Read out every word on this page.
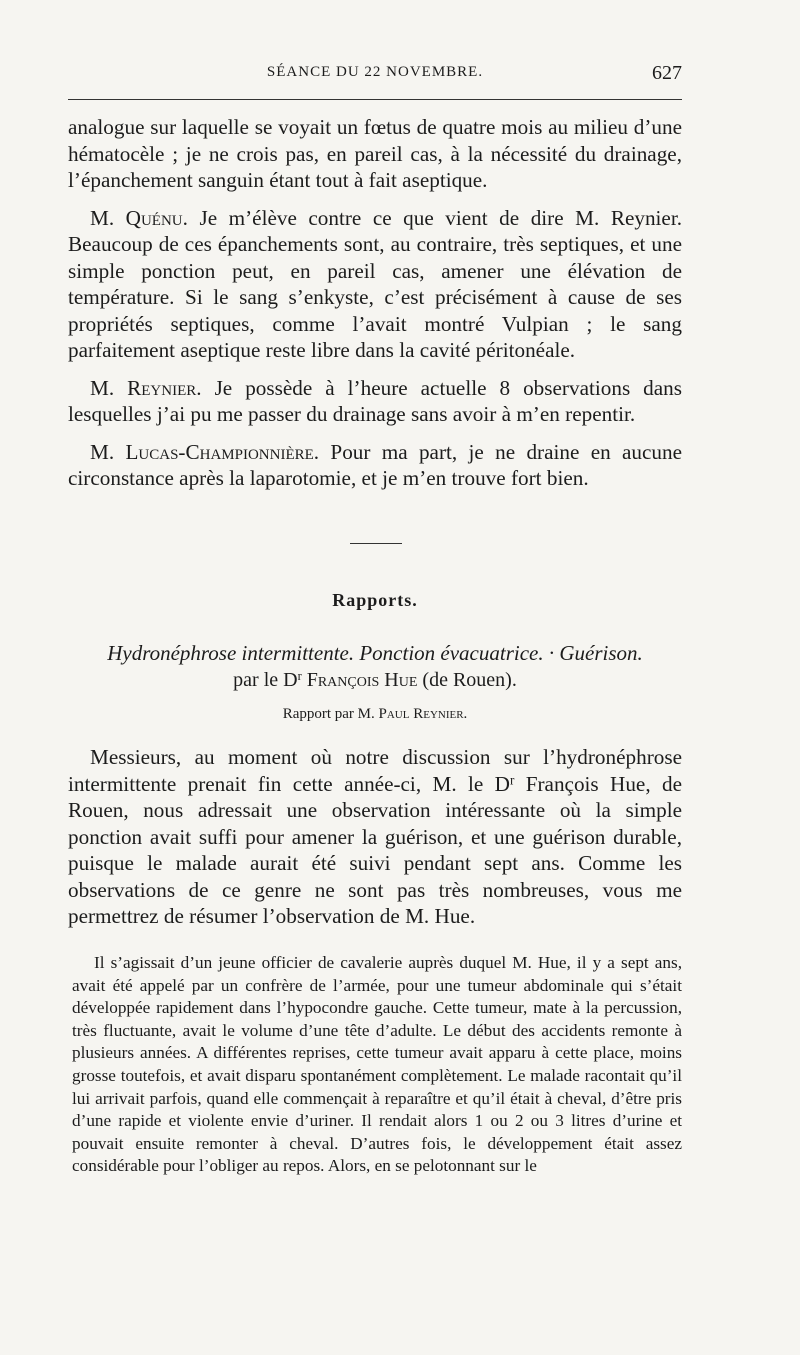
SÉANCE DU 22 NOVEMBRE.	627

analogue sur laquelle se voyait un fœtus de quatre mois au milieu d’une hématocèle ; je ne crois pas, en pareil cas, à la nécessité du drainage, l’épanchement sanguin étant tout à fait aseptique.

M. Quénu. Je m’élève contre ce que vient de dire M. Reynier. Beaucoup de ces épanchements sont, au contraire, très septiques, et une simple ponction peut, en pareil cas, amener une élévation de température. Si le sang s’enkyste, c’est précisément à cause de ses propriétés septiques, comme l’avait montré Vulpian ; le sang parfaitement aseptique reste libre dans la cavité péritonéale.

M. Reynier. Je possède à l’heure actuelle 8 observations dans lesquelles j’ai pu me passer du drainage sans avoir à m’en repentir.

M. Lucas-Championnière. Pour ma part, je ne draine en aucune circonstance après la laparotomie, et je m’en trouve fort bien.

Rapports.
Hydronéphrose intermittente. Ponction évacuatrice. · Guérison.
par le $D^r$ François Hue (de Rouen).
Rapport par M. Paul Reynier.

Messieurs, au moment où notre discussion sur l’hydronéphrose intermittente prenait fin cette année-ci, M. le $D^r$ François Hue, de Rouen, nous adressait une observation intéressante où la simple ponction avait suffi pour amener la guérison, et une guérison durable, puisque le malade aurait été suivi pendant sept ans. Comme les observations de ce genre ne sont pas très nombreuses, vous me permettrez de résumer l’observation de M. Hue.

Il s’agissait d’un jeune officier de cavalerie auprès duquel M. Hue, il y a sept ans, avait été appelé par un confrère de l’armée, pour une tumeur abdominale qui s’était développée rapidement dans l’hypocondre gauche. Cette tumeur, mate à la percussion, très fluctuante, avait le volume d’une tête d’adulte. Le début des accidents remonte à plusieurs années. A différentes reprises, cette tumeur avait apparu à cette place, moins grosse toutefois, et avait disparu spontanément complètement. Le malade racontait qu’il lui arrivait parfois, quand elle commençait à reparaître et qu’il était à cheval, d’être pris d’une rapide et violente envie d’uriner. Il rendait alors 1 ou 2 ou 3 litres d’urine et pouvait ensuite remonter à cheval. D’autres fois, le développement était assez considérable pour l’obliger au repos. Alors, en se pelotonnant sur le
